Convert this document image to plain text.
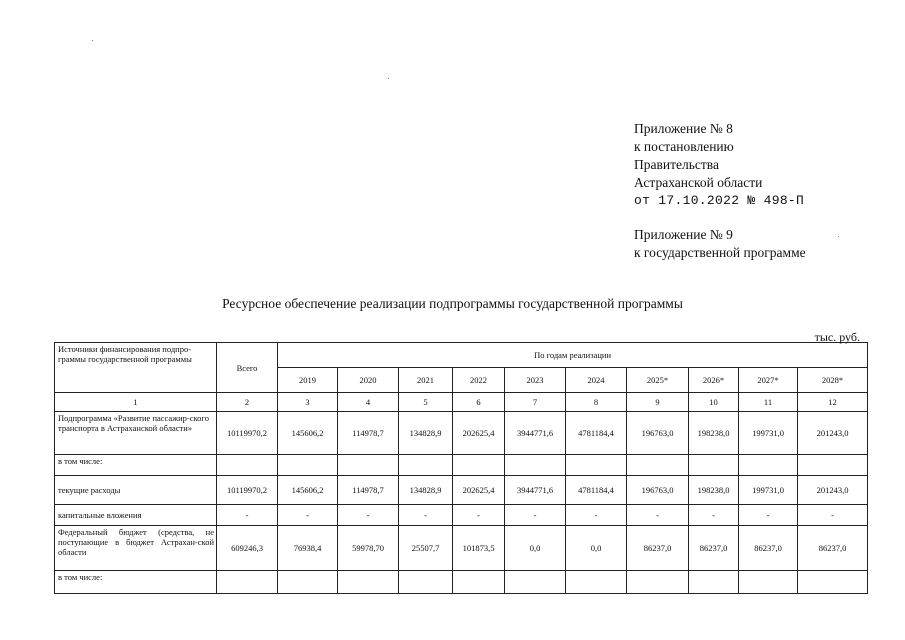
Приложение № 8
к постановлению
Правительства
Астраханской области
от 17.10.2022 № 498-П
Приложение № 9
к государственной программе
Ресурсное обеспечение реализации подпрограммы государственной программы
тыс. руб.
Источники финансирования подпро-граммы государственной программы	Всего	По годам реализации									
		2019	2020	2021	2022	2023	2024	2025*	2026*	2027*	2028*
1	2	3	4	5	6	7	8	9	10	11	12
Подпрограмма «Развитие пассажир-ского транспорта в Астраханской области»	10119970,2	145606,2	114978,7	134828,9	202625,4	3944771,6	4781184,4	196763,0	198238,0	199731,0	201243,0
в том числе:											
текущие расходы	10119970,2	145606,2	114978,7	134828,9	202625,4	3944771,6	4781184,4	196763,0	198238,0	199731,0	201243,0
капитальные вложения	-	-	-	-	-	-	-	-	-	-	-
Федеральный бюджет (средства, не поступающие в бюджет Астрахан-ской области	609246,3	76938,4	59978,70	25507,7	101873,5	0,0	0,0	86237,0	86237,0	86237,0	86237,0
в том числе:											
